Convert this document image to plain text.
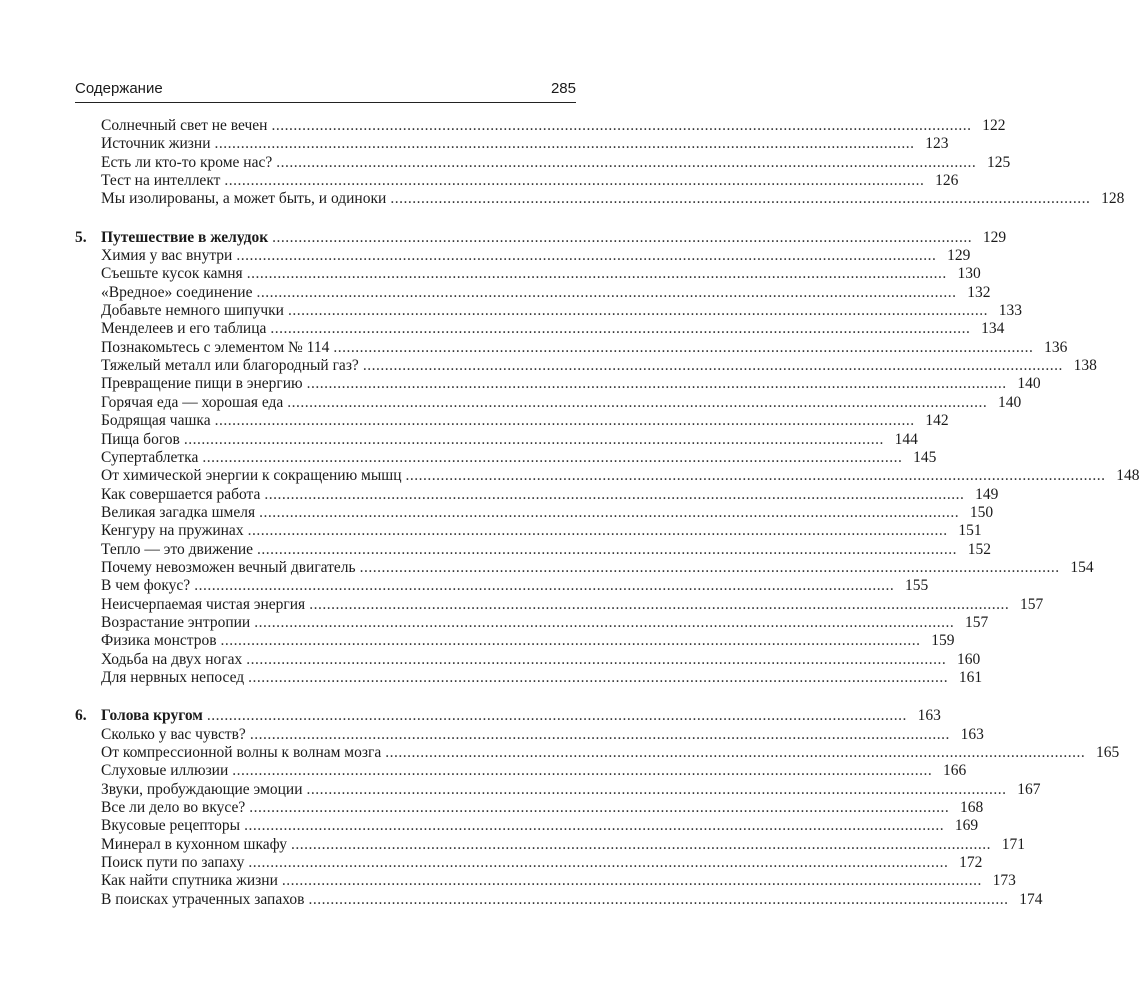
Содержание	285
Солнечный свет не вечен .....	122
Источник жизни .....	123
Есть ли кто-то кроме нас? .....	125
Тест на интеллект .....	126
Мы изолированы, а может быть, и одиноки .....	128
5. Путешествие в желудок .....	129
Химия у вас внутри .....	129
Съешьте кусок камня .....	130
«Вредное» соединение .....	132
Добавьте немного шипучки .....	133
Менделеев и его таблица .....	134
Познакомьтесь с элементом № 114 .....	136
Тяжелый металл или благородный газ? .....	138
Превращение пищи в энергию .....	140
Горячая еда — хорошая еда .....	140
Бодрящая чашка .....	142
Пища богов .....	144
Супертаблетка .....	145
От химической энергии к сокращению мышц .....	148
Как совершается работа .....	149
Великая загадка шмеля .....	150
Кенгуру на пружинах .....	151
Тепло — это движение .....	152
Почему невозможен вечный двигатель .....	154
В чем фокус? .....	155
Неисчерпаемая чистая энергия .....	157
Возрастание энтропии .....	157
Физика монстров .....	159
Ходьба на двух ногах .....	160
Для нервных непосед .....	161
6. Голова кругом .....	163
Сколько у вас чувств? .....	163
От компрессионной волны к волнам мозга .....	165
Слуховые иллюзии .....	166
Звуки, пробуждающие эмоции .....	167
Все ли дело во вкусе? .....	168
Вкусовые рецепторы .....	169
Минерал в кухонном шкафу .....	171
Поиск пути по запаху .....	172
Как найти спутника жизни .....	173
В поисках утраченных запахов .....	174
